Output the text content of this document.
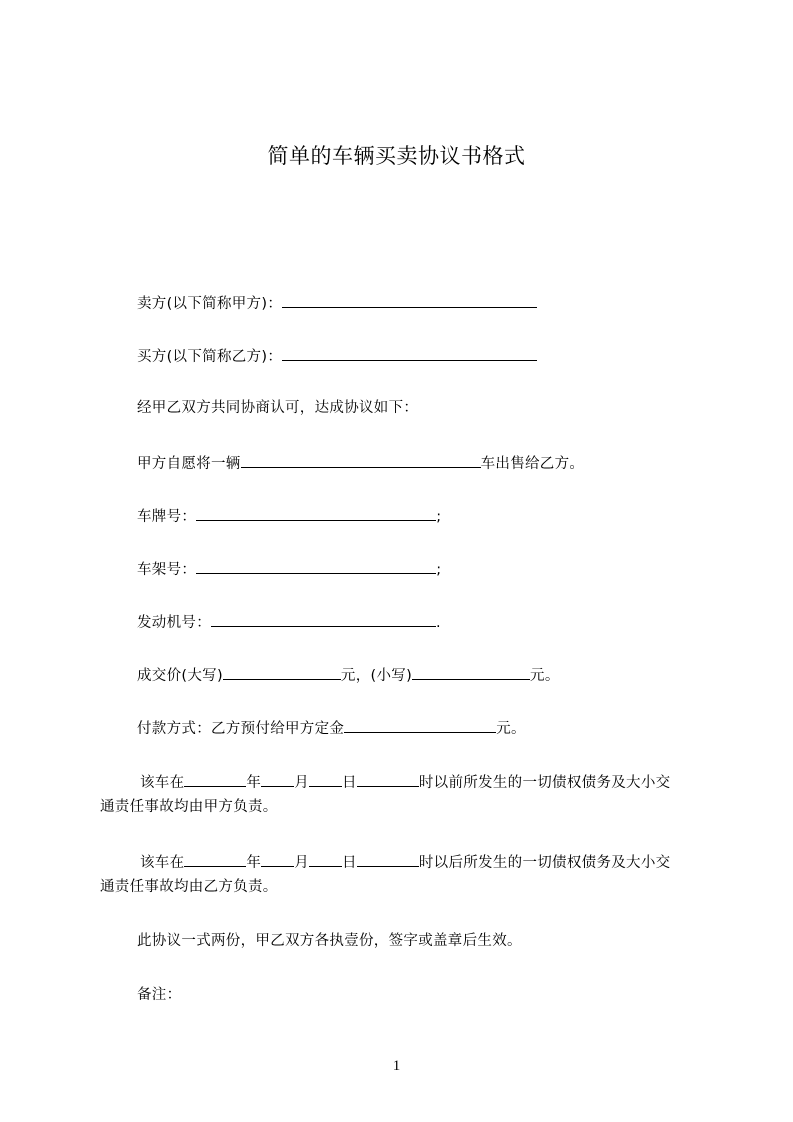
简单的车辆买卖协议书格式
卖方(以下简称甲方)：
买方(以下简称乙方)：
经甲乙双方共同协商认可，达成协议如下：
甲方自愿将一辆	车出售给乙方。
车牌号：	;
车架号：	;
发动机号：	.
成交价(大写)	元，(小写)	元。
付款方式：乙方预付给甲方定金	元。
该车在	年 月 日	时以前所发生的一切债权债务及大小交
通责任事故均由甲方负责。
该车在	年 月 日	时以后所发生的一切债权债务及大小交
通责任事故均由乙方负责。
此协议一式两份，甲乙双方各执壹份，签字或盖章后生效。
备注：
1
